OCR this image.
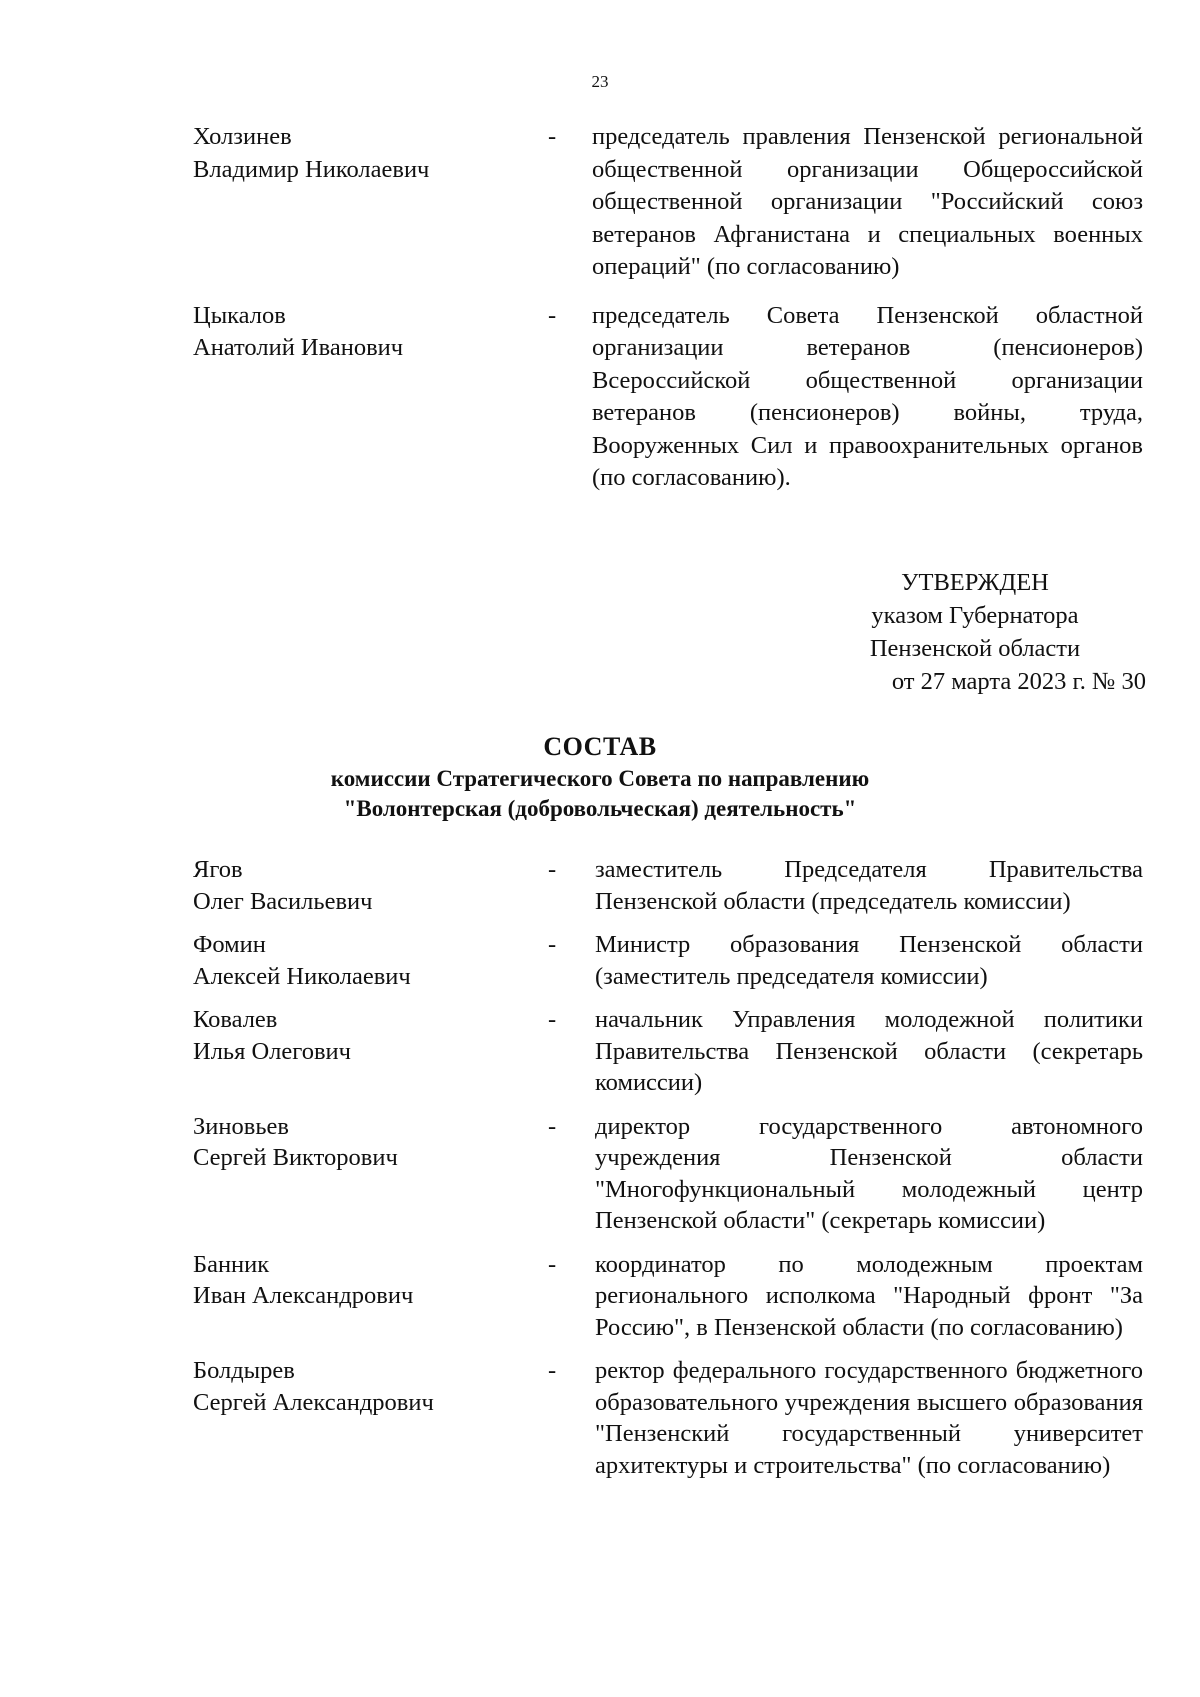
23
Холзинев
Владимир Николаевич
-	председатель правления Пензенской региональной общественной организации Общероссийской общественной организации "Российский союз ветеранов Афганистана и специальных военных операций" (по согласованию)
Цыкалов
Анатолий Иванович
-	председатель Совета Пензенской областной организации ветеранов (пенсионеров) Всероссийской общественной организации ветеранов (пенсионеров) войны, труда, Вооруженных Сил и правоохранительных органов (по согласованию).
УТВЕРЖДЕН
указом Губернатора
Пензенской области
от 27 марта 2023 г. № 30
СОСТАВ
комиссии Стратегического Совета по направлению
"Волонтерская (добровольческая) деятельность"
Ягов
Олег Васильевич
-	заместитель Председателя Правительства Пензенской области (председатель комиссии)
Фомин
Алексей Николаевич
-	Министр образования Пензенской области (заместитель председателя комиссии)
Ковалев
Илья Олегович
-	начальник Управления молодежной политики Правительства Пензенской области (секретарь комиссии)
Зиновьев
Сергей Викторович
-	директор государственного автономного учреждения Пензенской области "Многофункциональный молодежный центр Пензенской области" (секретарь комиссии)
Банник
Иван Александрович
-	координатор по молодежным проектам регионального исполкома "Народный фронт "За Россию", в Пензенской области (по согласованию)
Болдырев
Сергей Александрович
-	ректор федерального государственного бюджетного образовательного учреждения высшего образования "Пензенский государственный университет архитектуры и строительства" (по согласованию)
